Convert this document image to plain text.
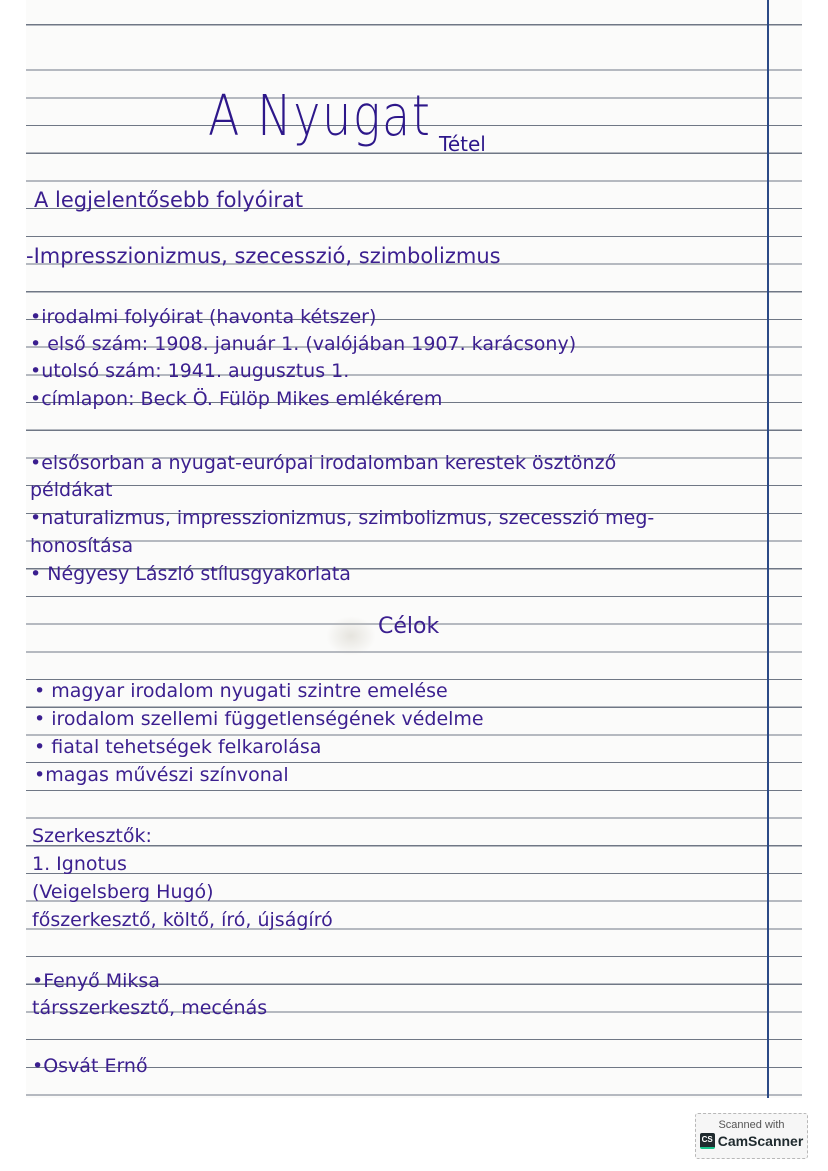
A Nyugat Tétel
A legjelentősebb folyóirat
-Impresszionizmus, szecesszió, szimbolizmus
•irodalmi folyóirat (havonta kétszer)
• első szám: 1908. január 1. (valójában 1907. karácsony)
•utolsó szám: 1941. augusztus 1.
•címlapon: Beck Ö. Fülöp Mikes emlékérem
•elsősorban a nyugat-európai irodalomban kerestek ösztönző
példákat
•naturalizmus, impresszionizmus, szimbolizmus, szecesszió meg-
honosítása
• Négyesy László stílusgyakorlata
Célok
• magyar irodalom nyugati szintre emelése
• irodalom szellemi függetlenségének védelme
• fiatal tehetségek felkarolása
•magas művészi színvonal
Szerkesztők:
1. Ignotus
(Veigelsberg Hugó)
főszerkesztő, költő, író, újságíró
•Fenyő Miksa
társszerkesztő, mecénás
•Osvát Ernő
Scanned with
CS CamScanner
